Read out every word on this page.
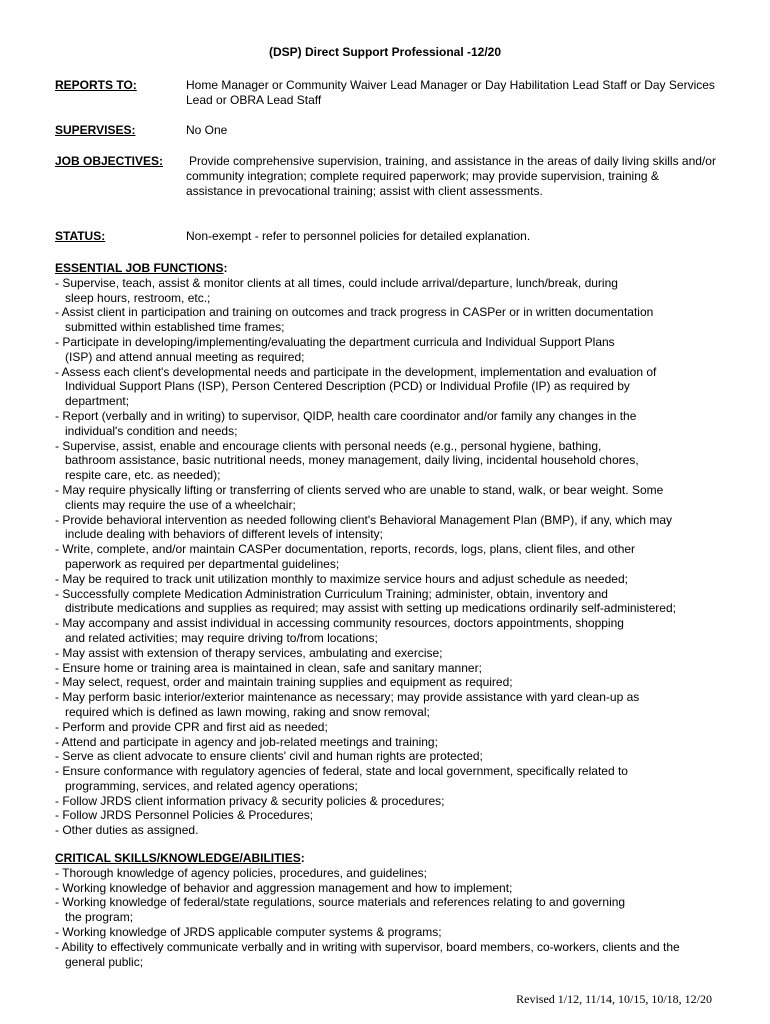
(DSP) Direct Support Professional -12/20
REPORTS TO:	Home Manager or Community Waiver Lead Manager or Day Habilitation Lead Staff or Day Services Lead or OBRA Lead Staff
SUPERVISES:	No One
JOB OBJECTIVES: Provide comprehensive supervision, training, and assistance in the areas of daily living skills and/or community integration; complete required paperwork; may provide supervision, training & assistance in prevocational training; assist with client assessments.
STATUS:	Non-exempt - refer to personnel policies for detailed explanation.
ESSENTIAL JOB FUNCTIONS:
- Supervise, teach, assist & monitor clients at all times, could include arrival/departure, lunch/break, during
sleep hours, restroom, etc.;
- Assist client in participation and training on outcomes and track progress in CASPer or in written documentation
submitted within established time frames;
- Participate in developing/implementing/evaluating the department curricula and Individual Support Plans
(ISP) and attend annual meeting as required;
- Assess each client's developmental needs and participate in the development, implementation and evaluation of
Individual Support Plans (ISP), Person Centered Description (PCD) or Individual Profile (IP) as required by
department;
- Report (verbally and in writing) to supervisor, QIDP, health care coordinator and/or family any changes in the
individual's condition and needs;
- Supervise, assist, enable and encourage clients with personal needs (e.g., personal hygiene, bathing,
bathroom assistance, basic nutritional needs, money management, daily living, incidental household chores,
respite care, etc. as needed);
- May require physically lifting or transferring of clients served who are unable to stand, walk, or bear weight. Some
clients may require the use of a wheelchair;
- Provide behavioral intervention as needed following client's Behavioral Management Plan (BMP), if any, which may
include dealing with behaviors of different levels of intensity;
- Write, complete, and/or maintain CASPer documentation, reports, records, logs, plans, client files, and other
paperwork as required per departmental guidelines;
- May be required to track unit utilization monthly to maximize service hours and adjust schedule as needed;
- Successfully complete Medication Administration Curriculum Training; administer, obtain, inventory and
distribute medications and supplies as required; may assist with setting up medications ordinarily self-administered;
- May accompany and assist individual in accessing community resources, doctors appointments, shopping
and related activities; may require driving to/from locations;
- May assist with extension of therapy services, ambulating and exercise;
- Ensure home or training area is maintained in clean, safe and sanitary manner;
- May select, request, order and maintain training supplies and equipment as required;
- May perform basic interior/exterior maintenance as necessary; may provide assistance with yard clean-up as
required which is defined as lawn mowing, raking and snow removal;
- Perform and provide CPR and first aid as needed;
- Attend and participate in agency and job-related meetings and training;
- Serve as client advocate to ensure clients' civil and human rights are protected;
- Ensure conformance with regulatory agencies of federal, state and local government, specifically related to
programming, services, and related agency operations;
- Follow JRDS client information privacy & security policies & procedures;
- Follow JRDS Personnel Policies & Procedures;
- Other duties as assigned.
CRITICAL SKILLS/KNOWLEDGE/ABILITIES:
- Thorough knowledge of agency policies, procedures, and guidelines;
- Working knowledge of behavior and aggression management and how to implement;
- Working knowledge of federal/state regulations, source materials and references relating to and governing
the program;
- Working knowledge of JRDS applicable computer systems & programs;
- Ability to effectively communicate verbally and in writing with supervisor, board members, co-workers, clients and the
general public;
Revised 1/12, 11/14, 10/15, 10/18, 12/20
